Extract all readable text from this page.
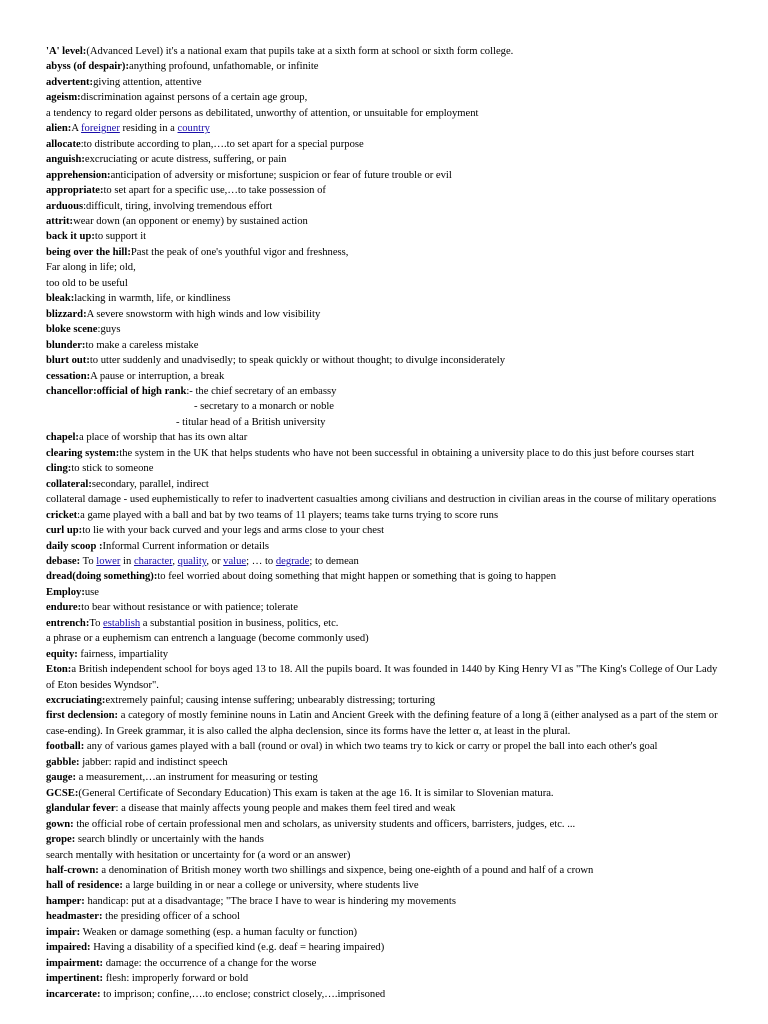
'A' level:(Advanced Level) it's a national exam that pupils take at a sixth form at school or sixth form college.
abyss (of despair):anything profound, unfathomable, or infinite
advertent:giving attention, attentive
ageism:discrimination against persons of a certain age group,
a tendency to regard older persons as debilitated, unworthy of attention, or unsuitable for employment
alien:A foreigner residing in a country
allocate:to distribute according to plan,….to set apart for a special purpose
anguish:excruciating or acute distress, suffering, or pain
apprehension:anticipation of adversity or misfortune; suspicion or fear of future trouble or evil
appropriate:to set apart for a specific use,…to take possession of
arduous:difficult, tiring, involving tremendous effort
attrit:wear down (an opponent or enemy) by sustained action
back it up:to support it
being over the hill:Past the peak of one's youthful vigor and freshness,
Far along in life; old,
too old to be useful
bleak:lacking in warmth, life, or kindliness
blizzard:A severe snowstorm with high winds and low visibility
bloke scene:guys
blunder:to make a careless mistake
blurt out:to utter suddenly and unadvisedly; to speak quickly or without thought; to divulge inconsiderately
cessation:A pause or interruption, a break
chancellor:official of high rank:- the chief secretary of an embassy
- secretary to a monarch or noble
- titular head of a British university
chapel:a place of worship that has its own altar
clearing system:the system in the UK that helps students who have not been successful in obtaining a university place to do this just before courses start
cling:to stick to someone
collateral:secondary, parallel, indirect
collateral damage - used euphemistically to refer to inadvertent casualties among civilians and destruction in civilian areas in the course of military operations
cricket:a game played with a ball and bat by two teams of 11 players; teams take turns trying to score runs
curl up:to lie with your back curved and your legs and arms close to your chest
daily scoop :Informal Current information or details
debase: To lower in character, quality, or value; … to degrade; to demean
dread(doing something):to feel worried about doing something that might happen or something that is going to happen
Employ:use
endure:to bear without resistance or with patience; tolerate
entrench:To establish a substantial position in business, politics, etc.
a phrase or a euphemism can entrench a language (become commonly used)
equity: fairness, impartiality
Eton:a British independent school for boys aged 13 to 18. All the pupils board. It was founded in 1440 by King Henry VI as "The King's College of Our Lady of Eton besides Wyndsor".
excruciating:extremely painful; causing intense suffering; unbearably distressing; torturing
first declension: a category of mostly feminine nouns in Latin and Ancient Greek with the defining feature of a long ā (either analysed as a part of the stem or case-ending). In Greek grammar, it is also called the alpha declension, since its forms have the letter α, at least in the plural.
football: any of various games played with a ball (round or oval) in which two teams try to kick or carry or propel the ball into each other's goal
gabble: jabber: rapid and indistinct speech
gauge: a measurement,…an instrument for measuring or testing
GCSE:(General Certificate of Secondary Education) This exam is taken at the age 16. It is similar to Slovenian matura.
glandular fever: a disease that mainly affects young people and makes them feel tired and weak
gown: the official robe of certain professional men and scholars, as university students and officers, barristers, judges, etc. ...
grope: search blindly or uncertainly with the hands
search mentally with hesitation or uncertainty for (a word or an answer)
half-crown: a denomination of British money worth two shillings and sixpence, being one-eighth of a pound and half of a crown
hall of residence: a large building in or near a college or university, where students live
hamper: handicap: put at a disadvantage; "The brace I have to wear is hindering my movements
headmaster: the presiding officer of a school
impair: Weaken or damage something (esp. a human faculty or function)
impaired: Having a disability of a specified kind (e.g. deaf = hearing impaired)
impairment: damage: the occurrence of a change for the worse
impertinent: flesh: improperly forward or bold
incarcerate: to imprison; confine,….to enclose; constrict closely,….imprisoned
